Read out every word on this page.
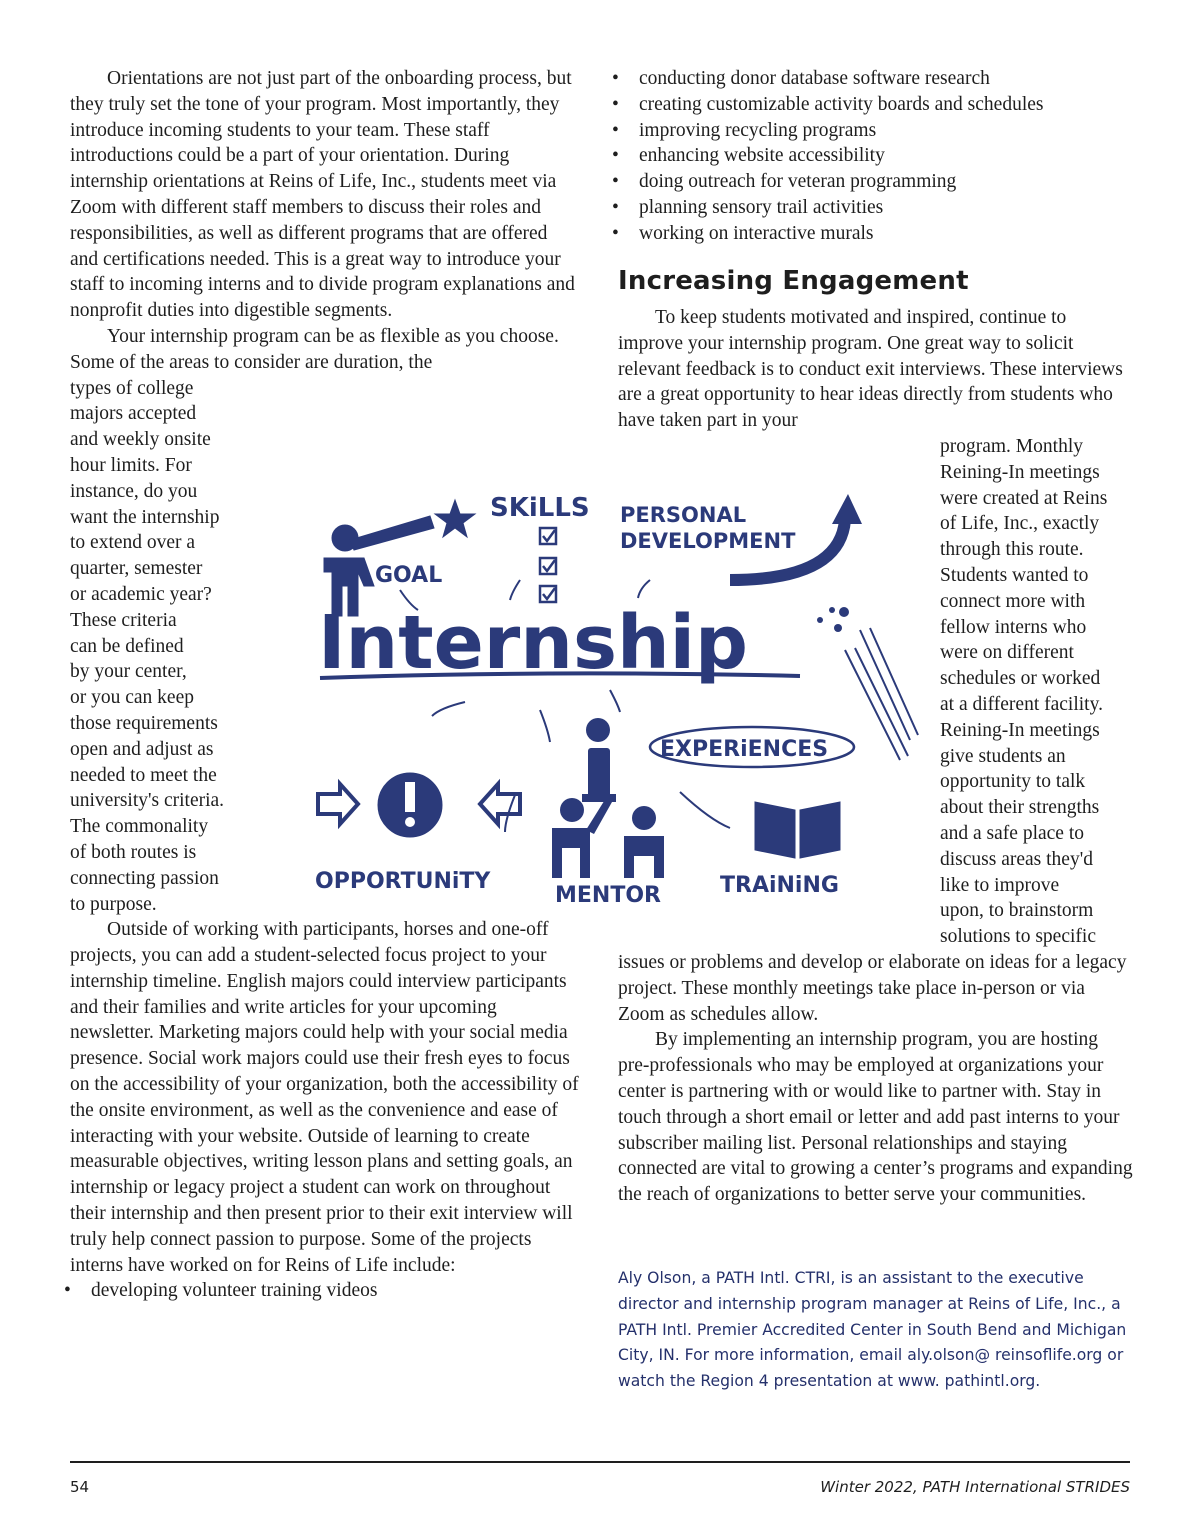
Orientations are not just part of the onboarding process, but they truly set the tone of your program. Most importantly, they introduce incoming students to your team. These staff introductions could be a part of your orientation. During internship orientations at Reins of Life, Inc., students meet via Zoom with different staff members to discuss their roles and responsibilities, as well as different programs that are offered and certifications needed. This is a great way to introduce your staff to incoming interns and to divide program explanations and nonprofit duties into digestible segments.

Your internship program can be as flexible as you choose. Some of the areas to consider are duration, the

types of college
majors accepted
and weekly onsite
hour limits. For
instance, do you
want the internship
to extend over a
quarter, semester
or academic year?
These criteria
can be defined
by your center,
or you can keep
those requirements
open and adjust as
needed to meet the
university's criteria.
The commonality
of both routes is
connecting passion
to purpose.

Outside of working with participants, horses and one-off projects, you can add a student-selected focus project to your internship timeline. English majors could interview participants and their families and write articles for your upcoming newsletter. Marketing majors could help with your social media presence. Social work majors could use their fresh eyes to focus on the accessibility of your organization, both the accessibility of the onsite environment, as well as the convenience and ease of interacting with your website. Outside of learning to create measurable objectives, writing lesson plans and setting goals, an internship or legacy project a student can work on throughout their internship and then present prior to their exit interview will truly help connect passion to purpose. Some of the projects interns have worked on for Reins of Life include:

• developing volunteer training videos
• conducting donor database software research
• creating customizable activity boards and schedules
• improving recycling programs
• enhancing website accessibility
• doing outreach for veteran programming
• planning sensory trail activities
• working on interactive murals
Increasing Engagement

To keep students motivated and inspired, continue to improve your internship program. One great way to solicit relevant feedback is to conduct exit interviews. These interviews are a great opportunity to hear ideas directly from students who have taken part in your

program. Monthly
Reining-In meetings
were created at Reins
of Life, Inc., exactly
through this route.
Students wanted to
connect more with
fellow interns who
were on different
schedules or worked
at a different facility.
Reining-In meetings
give students an
opportunity to talk
about their strengths
and a safe place to
discuss areas they'd
like to improve
upon, to brainstorm
solutions to specific

issues or problems and develop or elaborate on ideas for a legacy project. These monthly meetings take place in-person or via Zoom as schedules allow.

By implementing an internship program, you are hosting pre-professionals who may be employed at organizations your center is partnering with or would like to partner with. Stay in touch through a short email or letter and add past interns to your subscriber mailing list. Personal relationships and staying connected are vital to growing a center’s programs and expanding the reach of organizations to better serve your communities.

Aly Olson, a PATH Intl. CTRI, is an assistant to the executive director and internship program manager at Reins of Life, Inc., a PATH Intl. Premier Accredited Center in South Bend and Michigan City, IN. For more information, email aly.olson@ reinsoflife.org or watch the Region 4 presentation at www. pathintl.org.
Internship
SKiLLS PERSONAL
DEVELOPMENT
GOAL
EXPERiENCES
OPPORTUNiTY
MENTOR	TRAiNiNG
54	Winter 2022, PATH International STRIDES
